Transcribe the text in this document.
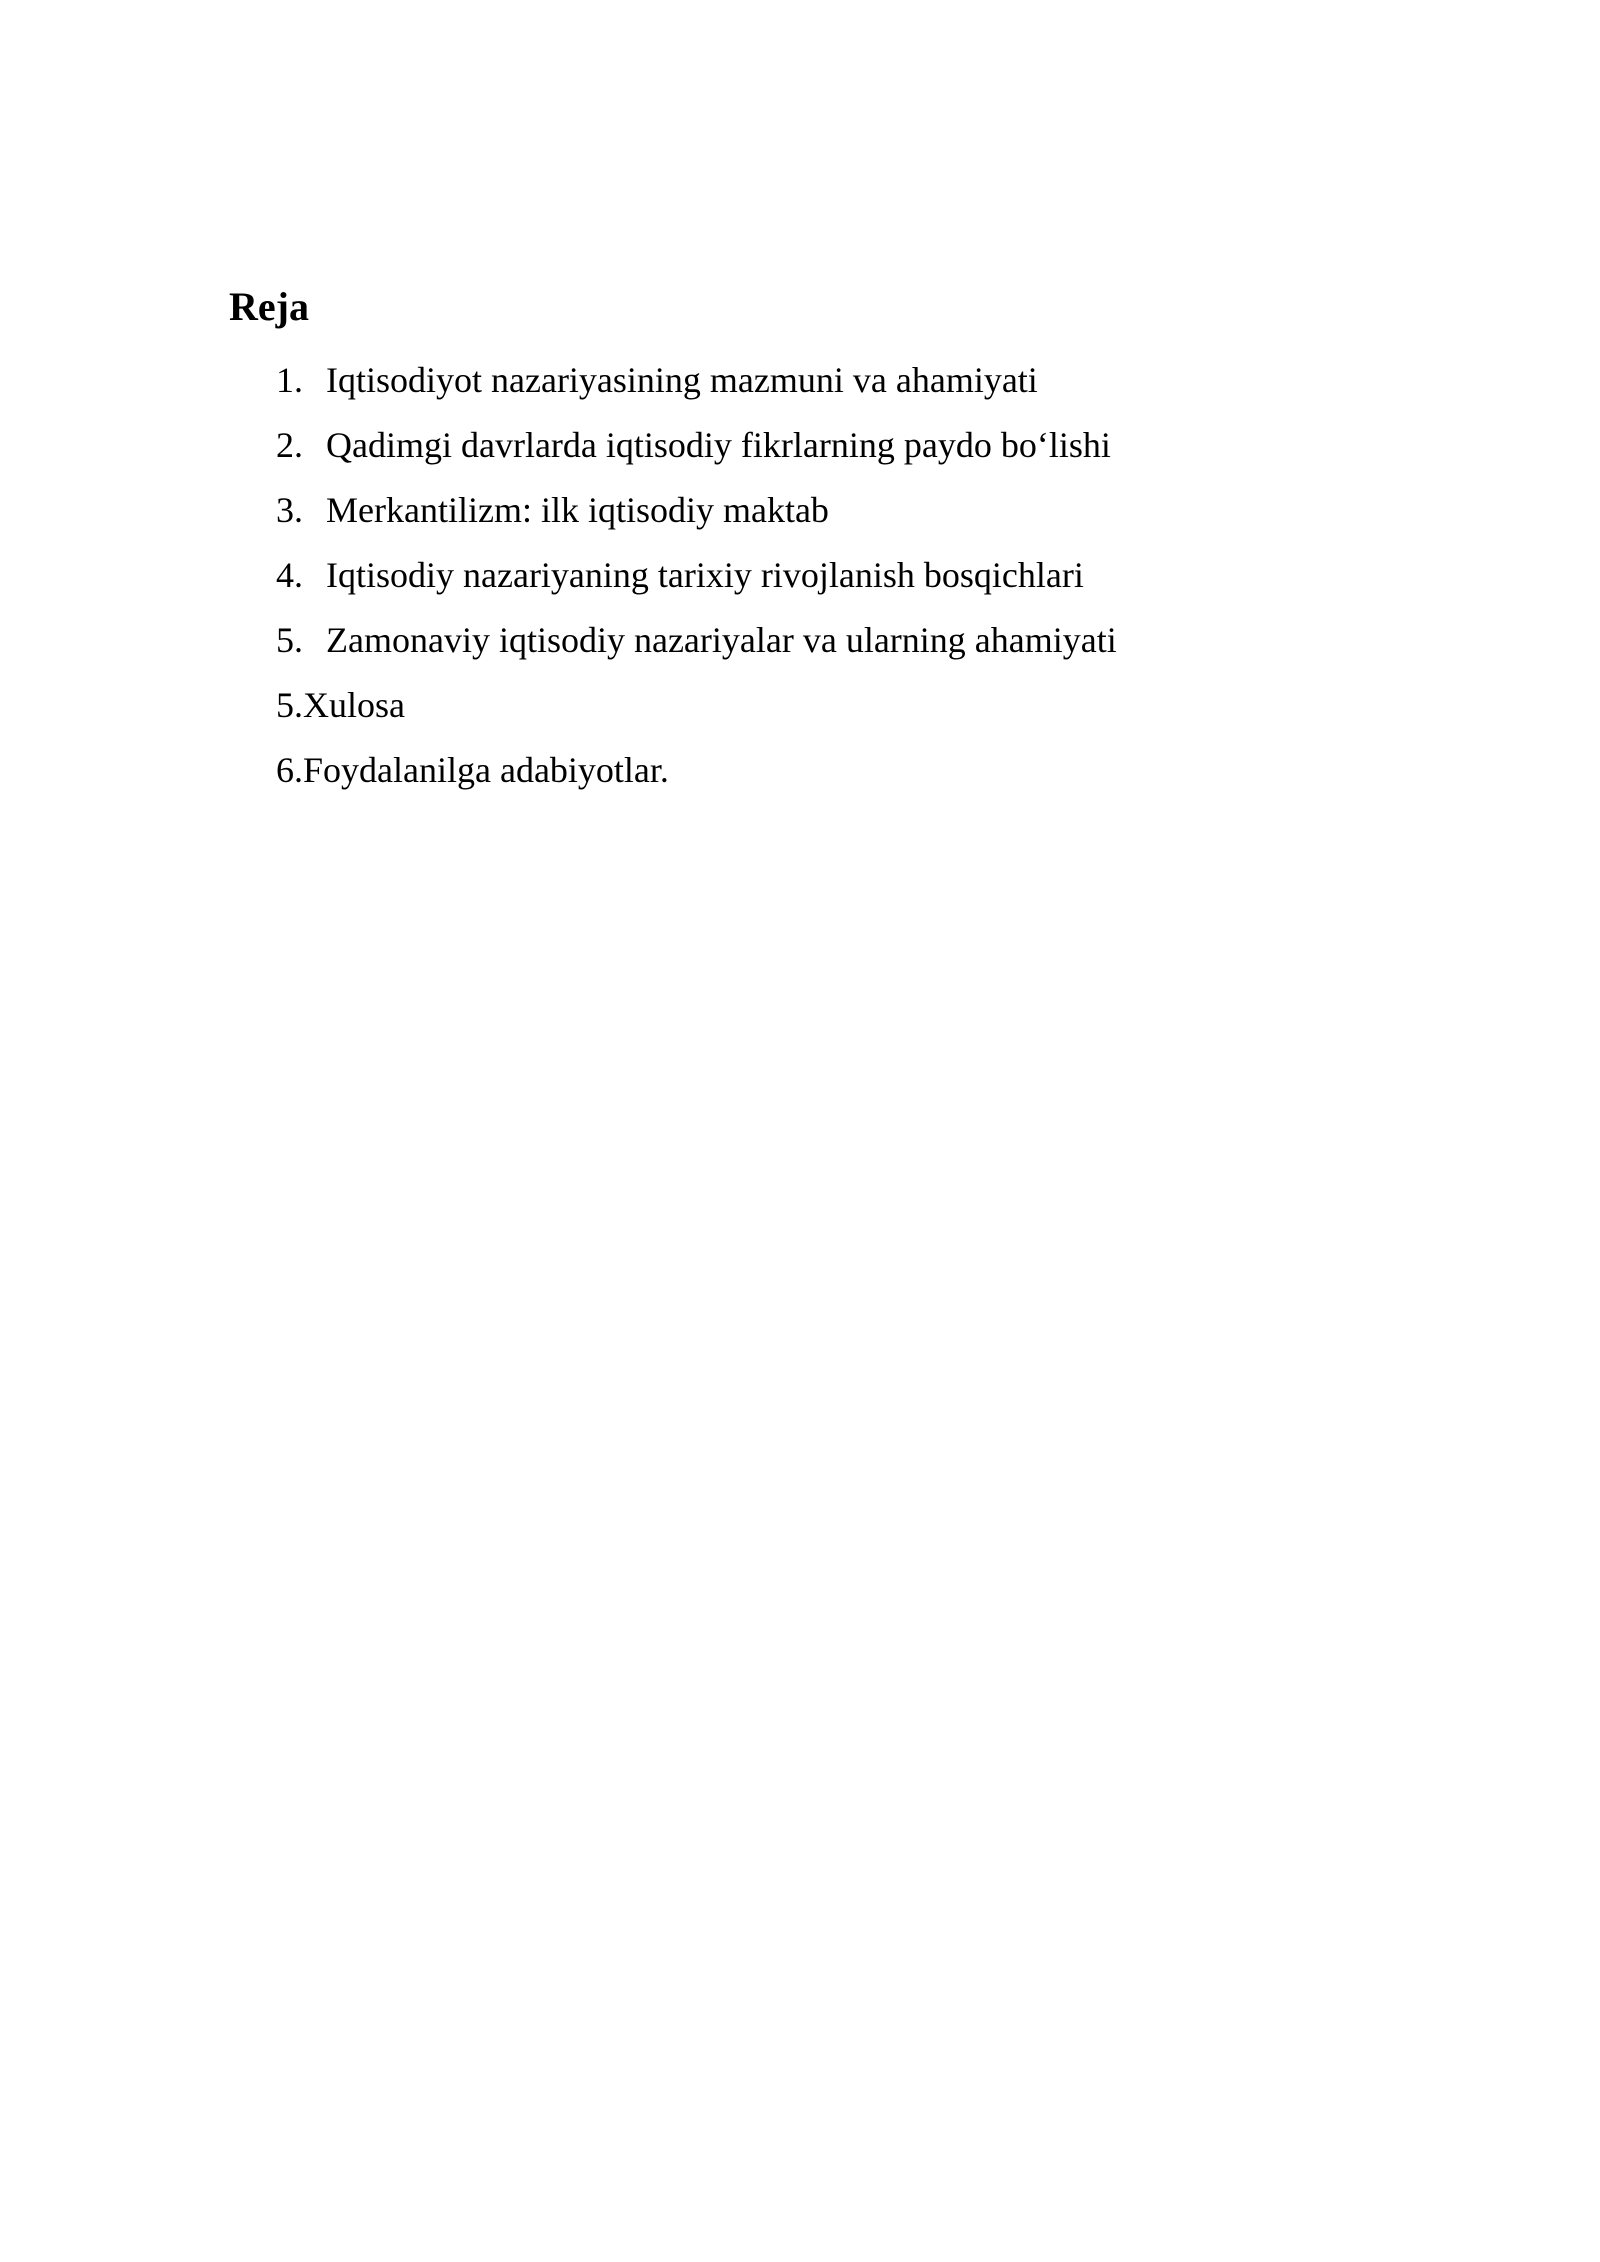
Reja
1. Iqtisodiyot nazariyasining mazmuni va ahamiyati
2. Qadimgi davrlarda iqtisodiy fikrlarning paydo bo‘lishi
3. Merkantilizm: ilk iqtisodiy maktab
4. Iqtisodiy nazariyaning tarixiy rivojlanish bosqichlari
5. Zamonaviy iqtisodiy nazariyalar va ularning ahamiyati
5.Xulosa
6.Foydalanilga adabiyotlar.
